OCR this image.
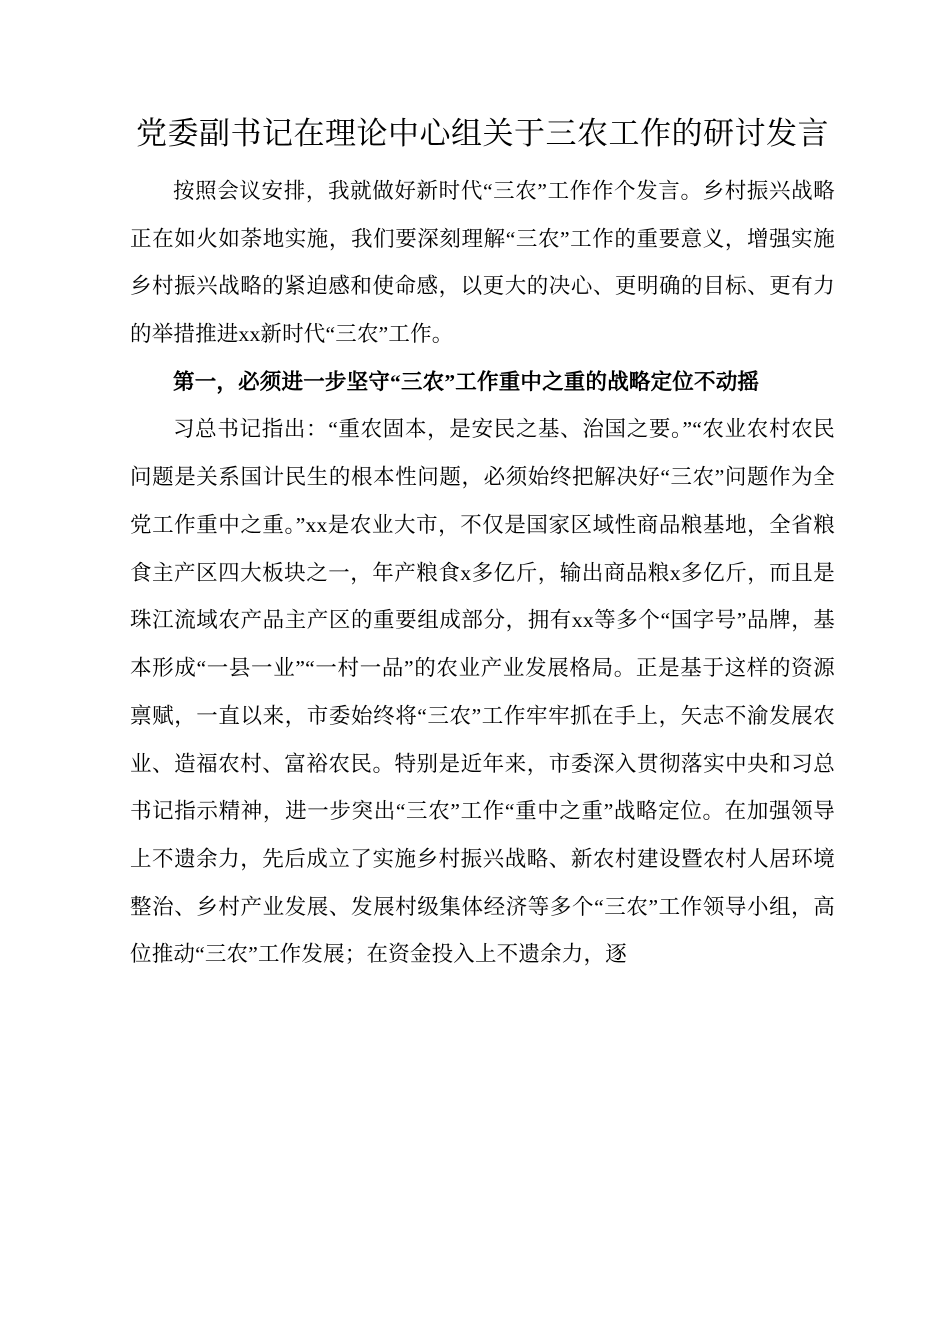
党委副书记在理论中心组关于三农工作的研讨发言

按照会议安排，我就做好新时代“三农”工作作个发言。乡村振兴战略正在如火如荼地实施，我们要深刻理解“三农”工作的重要意义，增强实施乡村振兴战略的紧迫感和使命感，以更大的决心、更明确的目标、更有力的举措推进xx新时代“三农”工作。

第一，必须进一步坚守“三农”工作重中之重的战略定位不动摇

习总书记指出：“重农固本，是安民之基、治国之要。”“农业农村农民问题是关系国计民生的根本性问题，必须始终把解决好“三农”问题作为全党工作重中之重。”xx是农业大市，不仅是国家区域性商品粮基地，全省粮食主产区四大板块之一，年产粮食x多亿斤，输出商品粮x多亿斤，而且是珠江流域农产品主产区的重要组成部分，拥有xx等多个“国字号”品牌，基本形成“一县一业”“一村一品”的农业产业发展格局。正是基于这样的资源禀赋，一直以来，市委始终将“三农”工作牢牢抓在手上，矢志不渝发展农业、造福农村、富裕农民。特别是近年来，市委深入贯彻落实中央和习总书记指示精神，进一步突出“三农”工作“重中之重”战略定位。在加强领导上不遗余力，先后成立了实施乡村振兴战略、新农村建设暨农村人居环境整治、乡村产业发展、发展村级集体经济等多个“三农”工作领导小组，高位推动“三农”工作发展；在资金投入上不遗余力，逐
